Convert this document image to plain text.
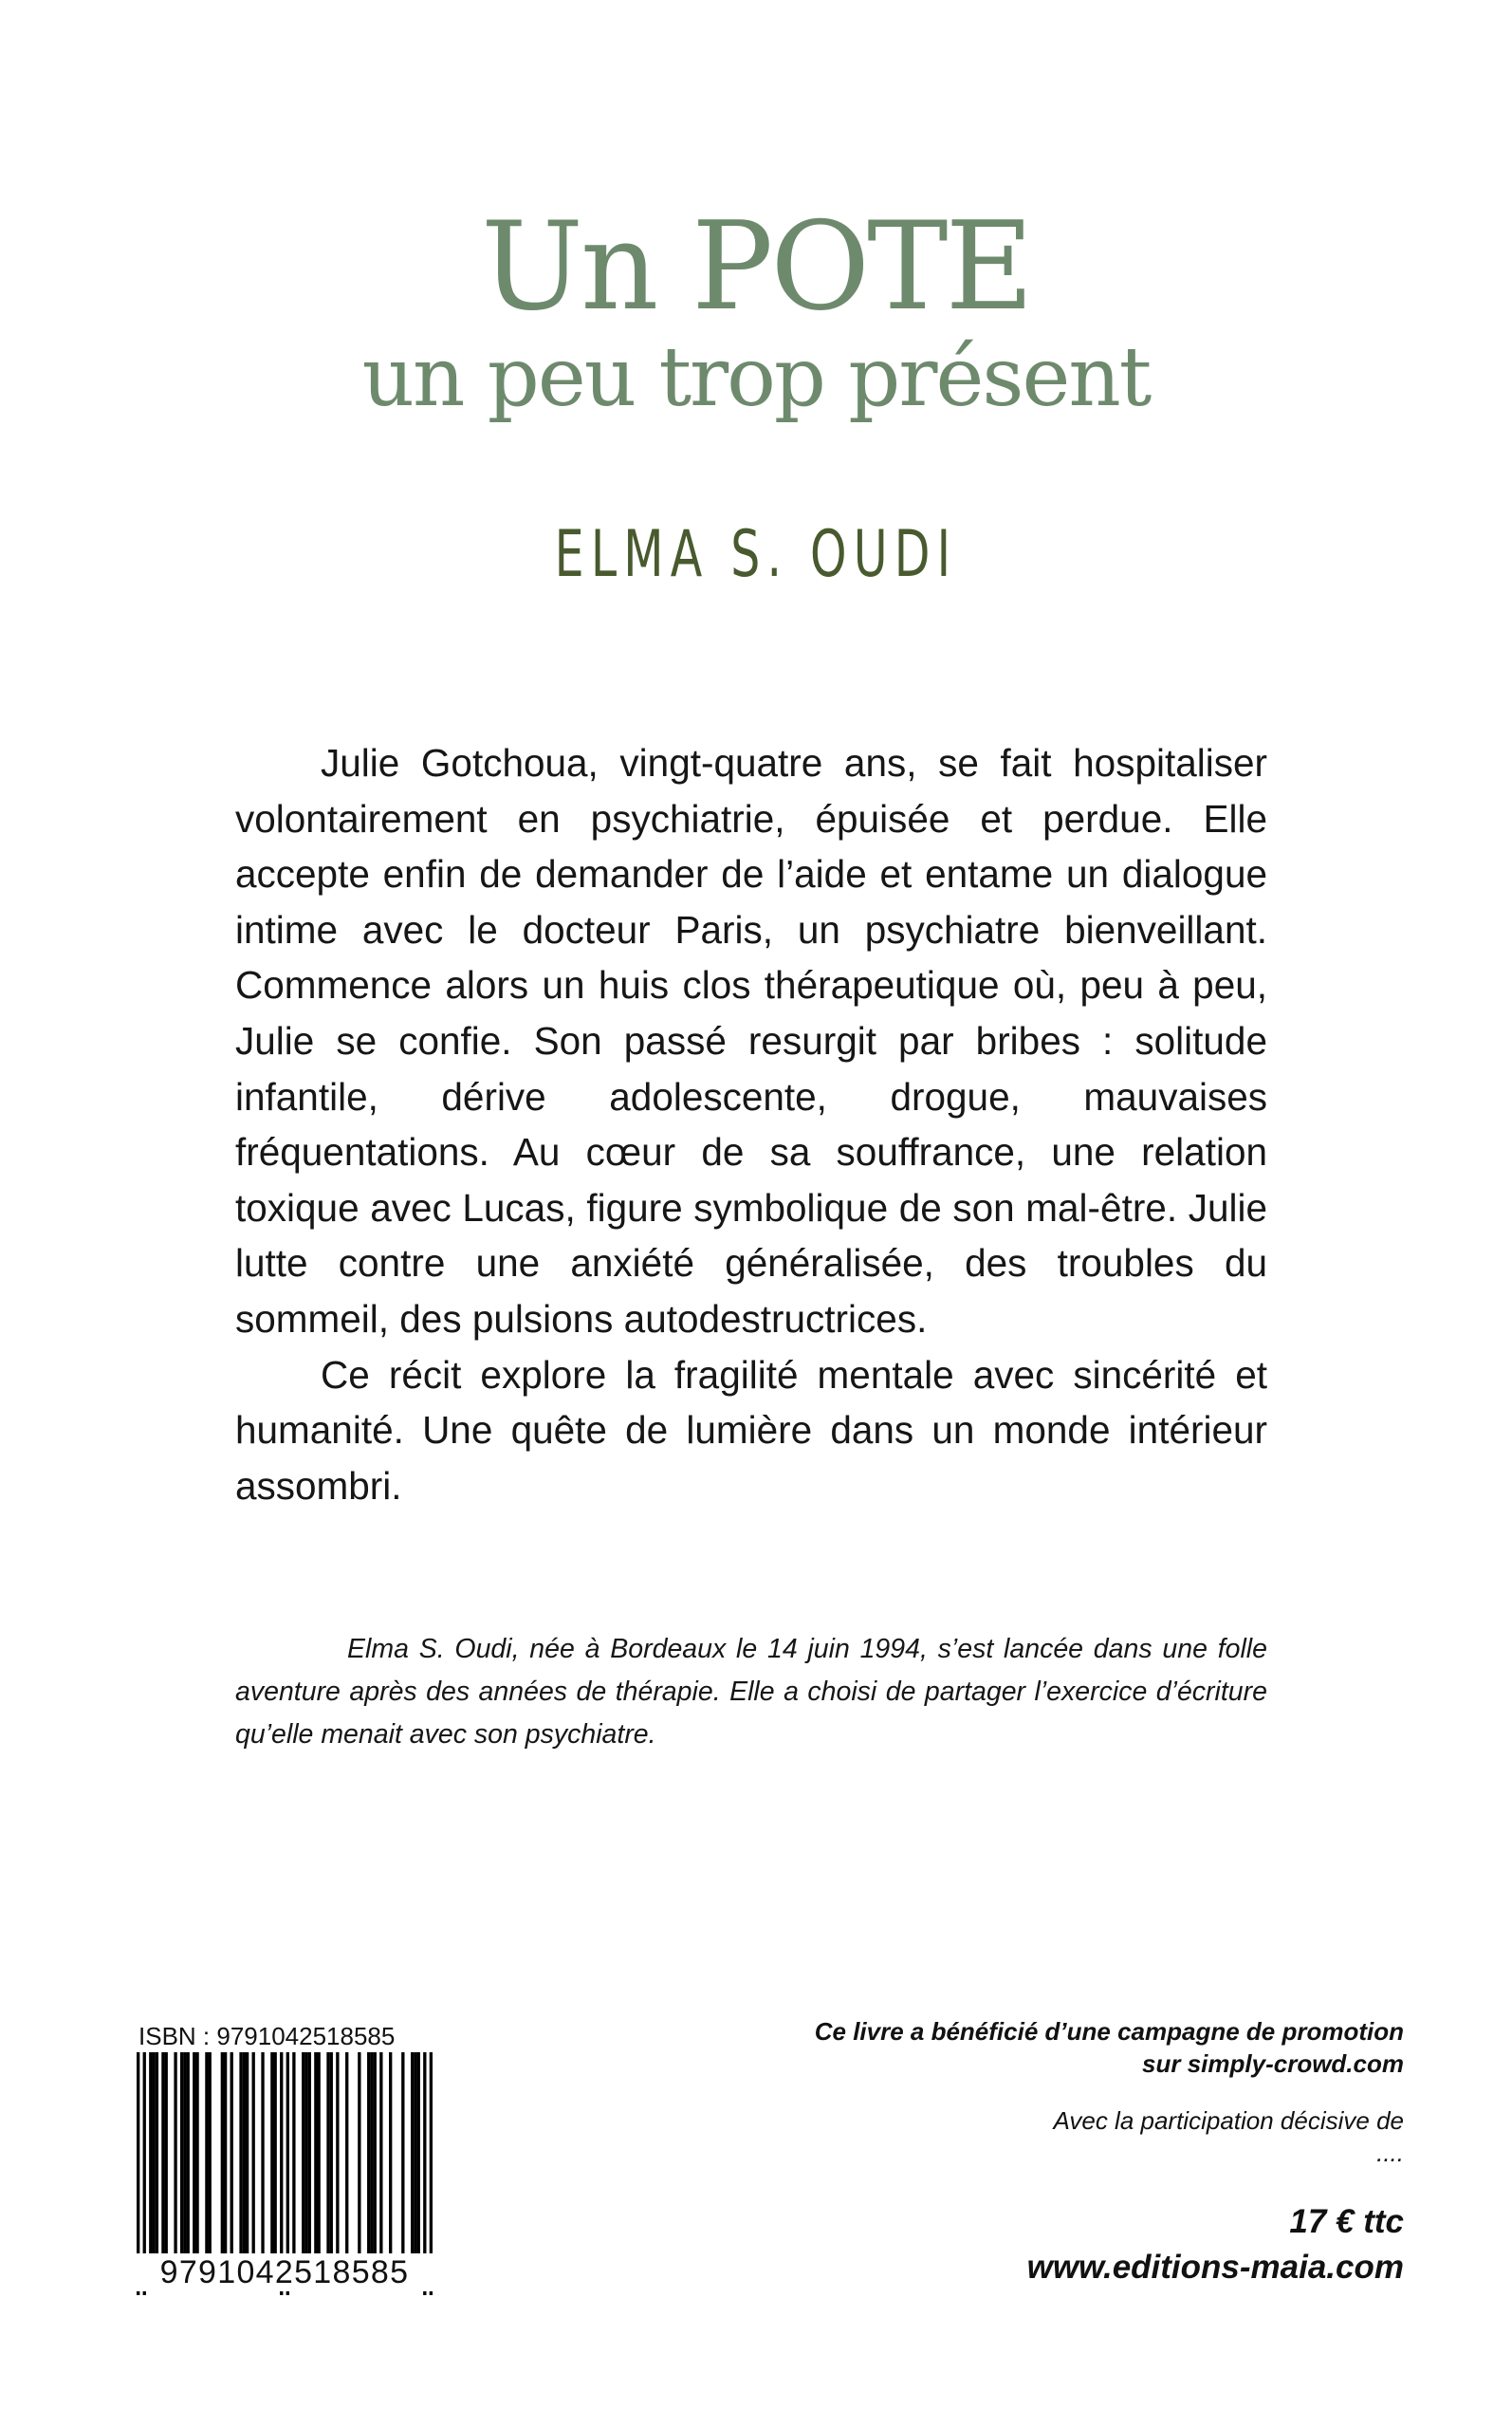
Un POTE
un peu trop présent
ELMA S. OUDI

Julie Gotchoua, vingt-quatre ans, se fait hospitaliser volontairement en psychiatrie, épuisée et perdue. Elle accepte enfin de demander de l’aide et entame un dialogue intime avec le docteur Paris, un psychiatre bienveillant. Commence alors un huis clos thérapeutique où, peu à peu, Julie se confie. Son passé resurgit par bribes : solitude infantile, dérive adolescente, drogue, mauvaises fréquentations. Au cœur de sa souffrance, une relation toxique avec Lucas, figure symbolique de son mal-être. Julie lutte contre une anxiété généralisée, des troubles du sommeil, des pulsions autodestructrices.

Ce récit explore la fragilité mentale avec sincérité et humanité. Une quête de lumière dans un monde intérieur assombri.

Elma S. Oudi, née à Bordeaux le 14 juin 1994, s’est lancée dans une folle aventure après des années de thérapie. Elle a choisi de partager l’exercice d’écriture qu’elle menait avec son psychiatre.

ISBN : 9791042518585
9791042518585
Ce livre a bénéficié d’une campagne de promotion
sur simply-crowd.com
Avec la participation décisive de
....
17 € ttc
www.editions-maia.com
